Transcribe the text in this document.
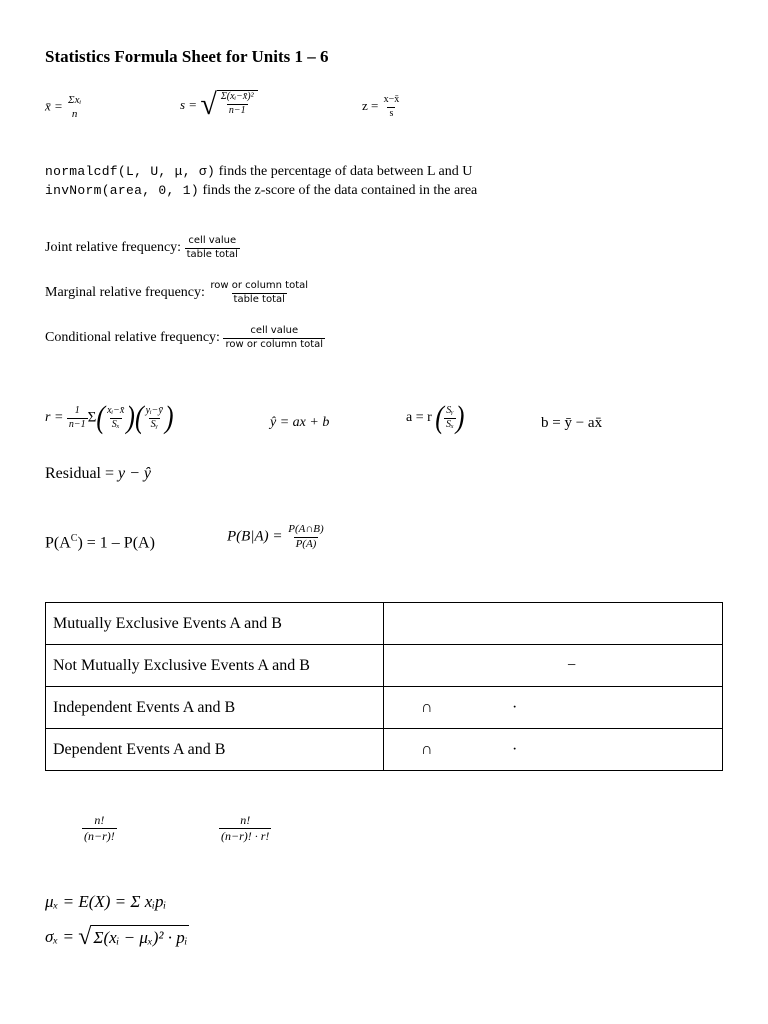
Statistics Formula Sheet for Units 1 – 6
x̄ = Σxᵢ
n
s = √ $\frac{\text{Σ(xᵢ−x̄)²}}{n-1}$	$z = \frac{x-x̄}{s}$
normalcdf(L, U, μ, σ) finds the percentage of data between L and U
invNorm(area, 0, 1) finds the z-score of the data contained in the area
Joint relative frequency: $\frac{\text{cell value}}{\text{table total}}$
Marginal relative frequency: $\frac{\text{row or column total}}{\text{table total}}$
Conditional relative frequency: $\frac{\text{cell value}}{\text{row or column total}}$
$r = \frac{1}{n-1}$ Σ ( $\frac{\text{xᵢ−x̄}}{\text{Sₓ}}$ ) ( $\frac{\text{yᵢ−ȳ}}{\text{Sᵧ}}$ )	ŷ = ax + b	a = r ( $\frac{\text{Sᵧ}}{\text{Sₓ}}$ )	b = ȳ − ax̄
Residual = y − ŷ
$P(A^C) = 1 - P(A)$	$P(B|A) = \frac{P(A\cap B)}{P(A)}$
Mutually Exclusive Events A and B	

Not Mutually Exclusive Events A and B	−

Independent Events A and B	∩ ·

Dependent Events A and B	∩ ·
$\frac{n!}{(n-r)!}$	$\frac{n!}{(n-r)! \cdot r!}$
μₓ = E(X) = Σ xᵢpᵢ
σₓ = √ Σ(xᵢ − μₓ)² · pᵢ
